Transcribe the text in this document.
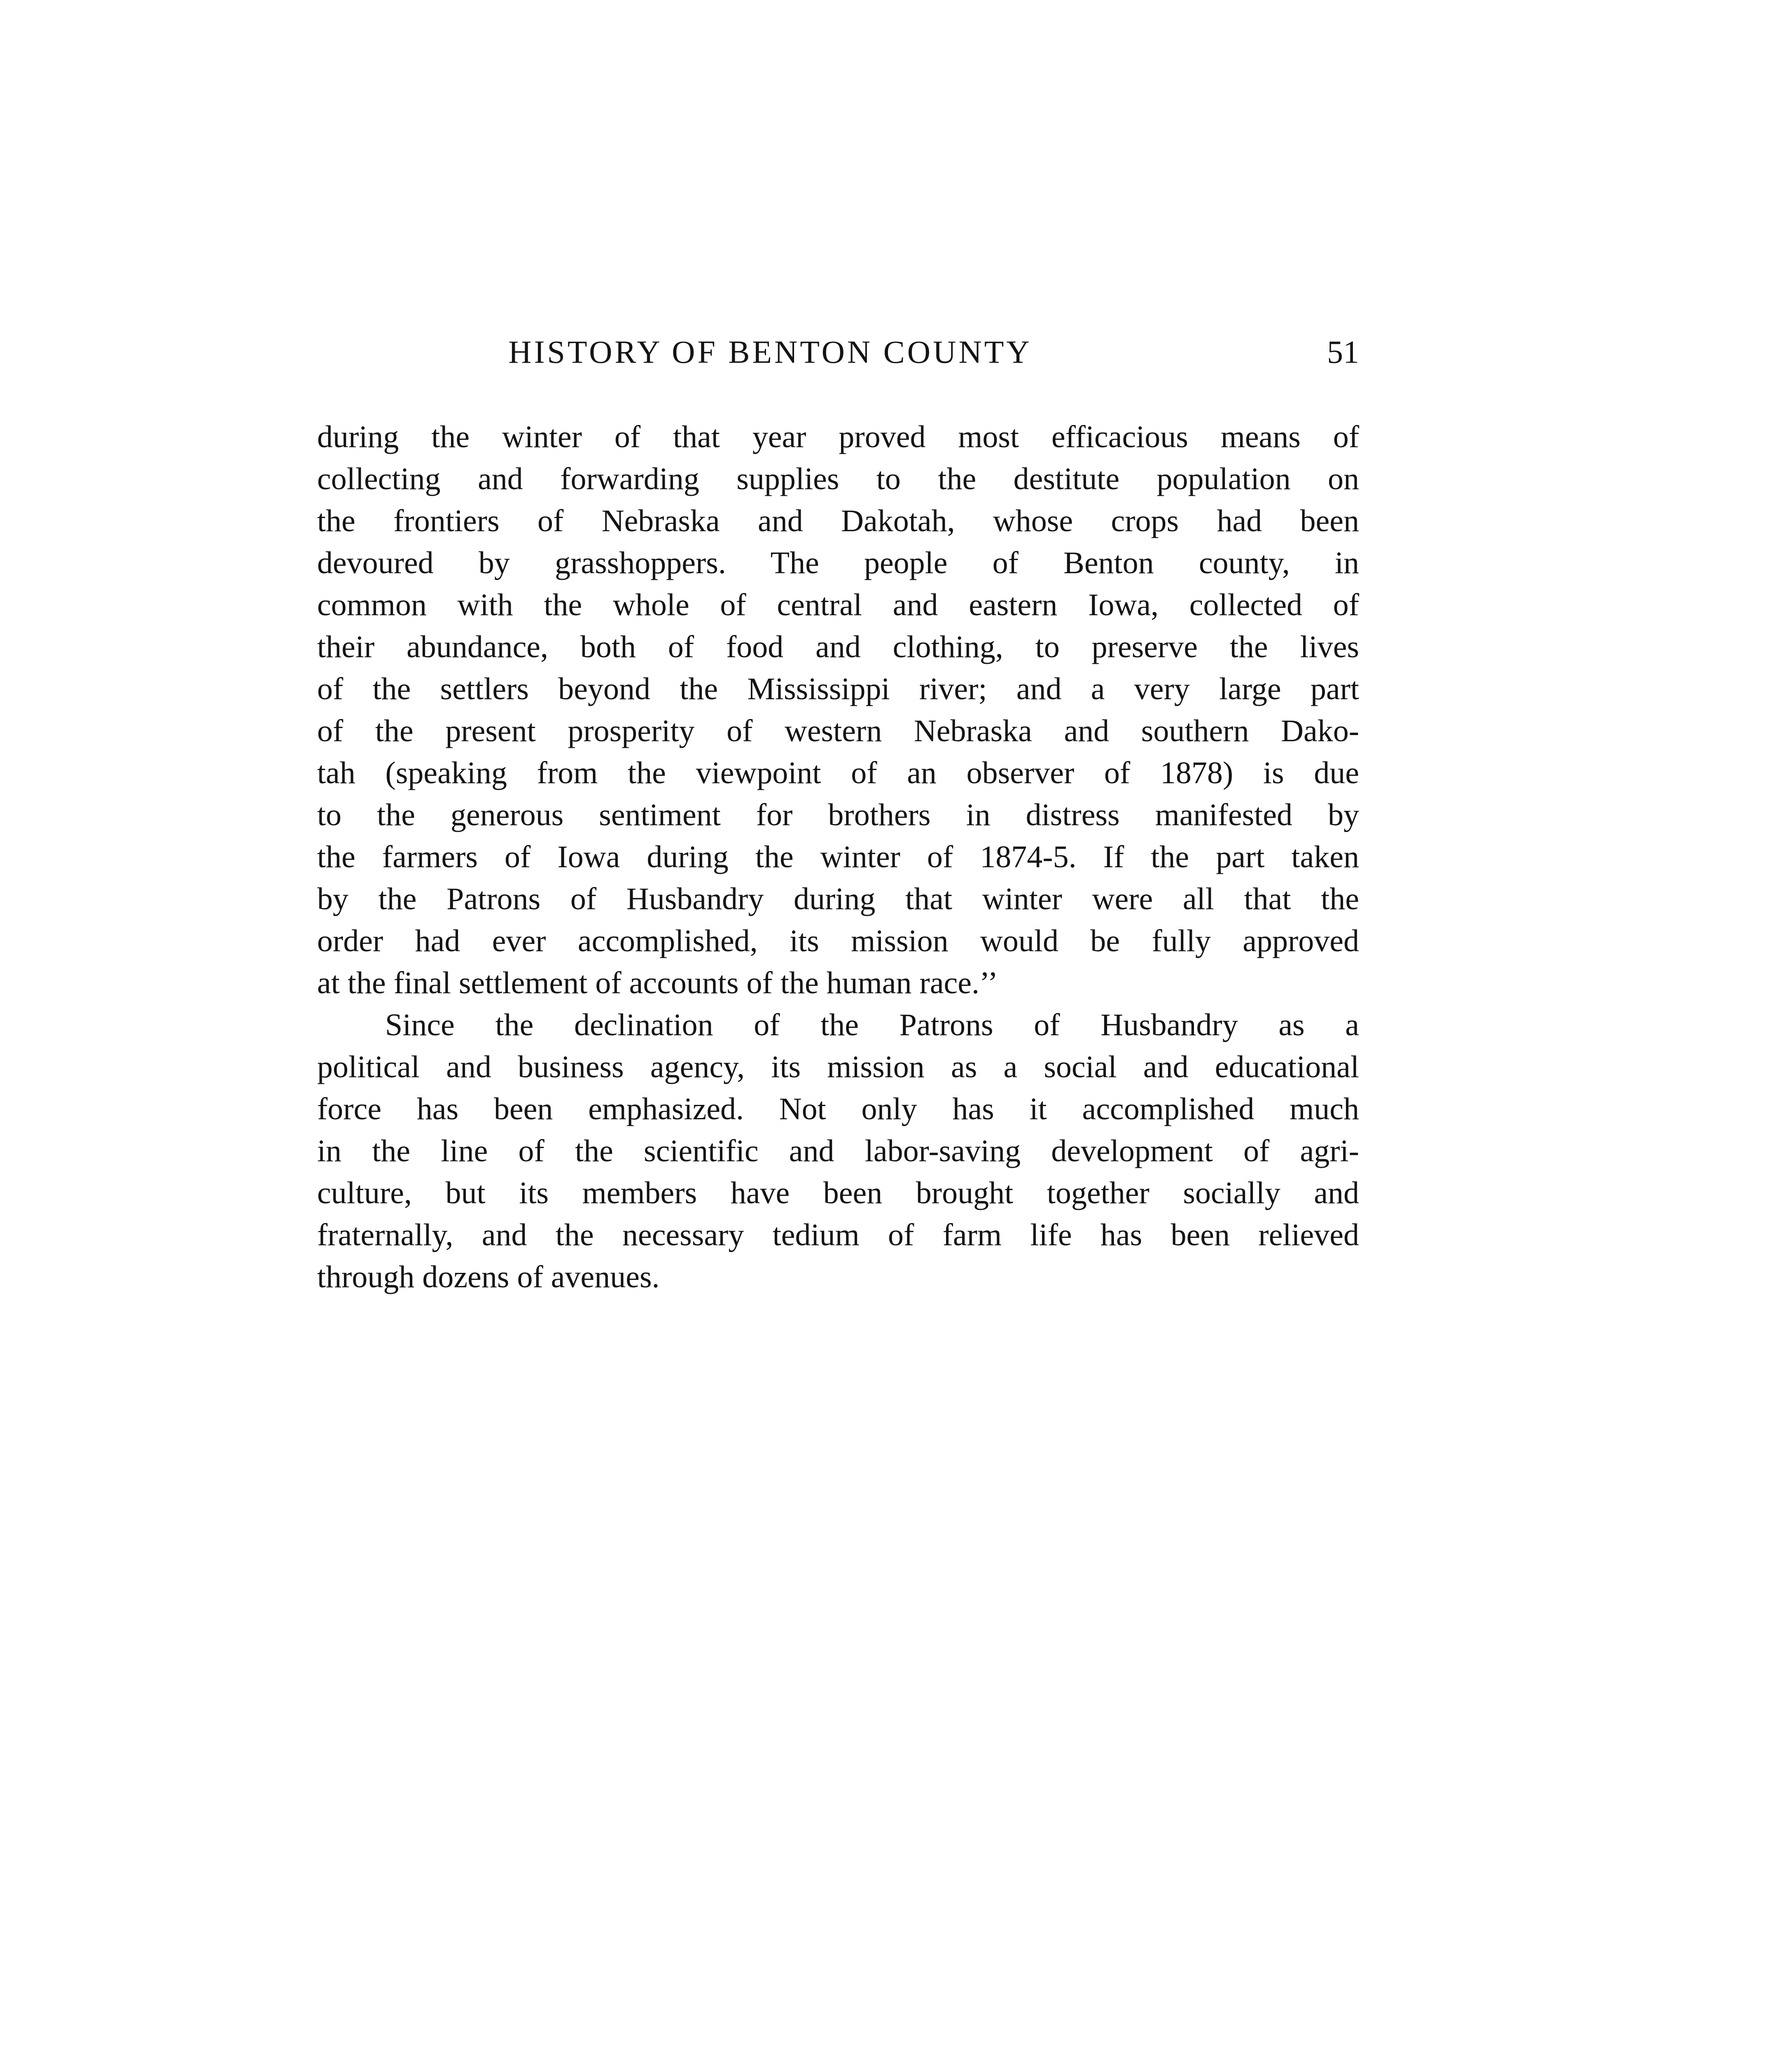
HISTORY OF BENTON COUNTY	51
during the winter of that year proved most efficacious means of
collecting and forwarding supplies to the destitute population on
the frontiers of Nebraska and Dakotah, whose crops had been
devoured by grasshoppers. The people of Benton county, in
common with the whole of central and eastern Iowa, collected of
their abundance, both of food and clothing, to preserve the lives
of the settlers beyond the Mississippi river; and a very large part
of the present prosperity of western Nebraska and southern Dako-
tah (speaking from the viewpoint of an observer of 1878) is due
to the generous sentiment for brothers in distress manifested by
the farmers of Iowa during the winter of 1874-5. If the part taken
by the Patrons of Husbandry during that winter were all that the
order had ever accomplished, its mission would be fully approved
at the final settlement of accounts of the human race.’’
Since the declination of the Patrons of Husbandry as a
political and business agency, its mission as a social and educational
force has been emphasized. Not only has it accomplished much
in the line of the scientific and labor-saving development of agri-
culture, but its members have been brought together socially and
fraternally, and the necessary tedium of farm life has been relieved
through dozens of avenues.
